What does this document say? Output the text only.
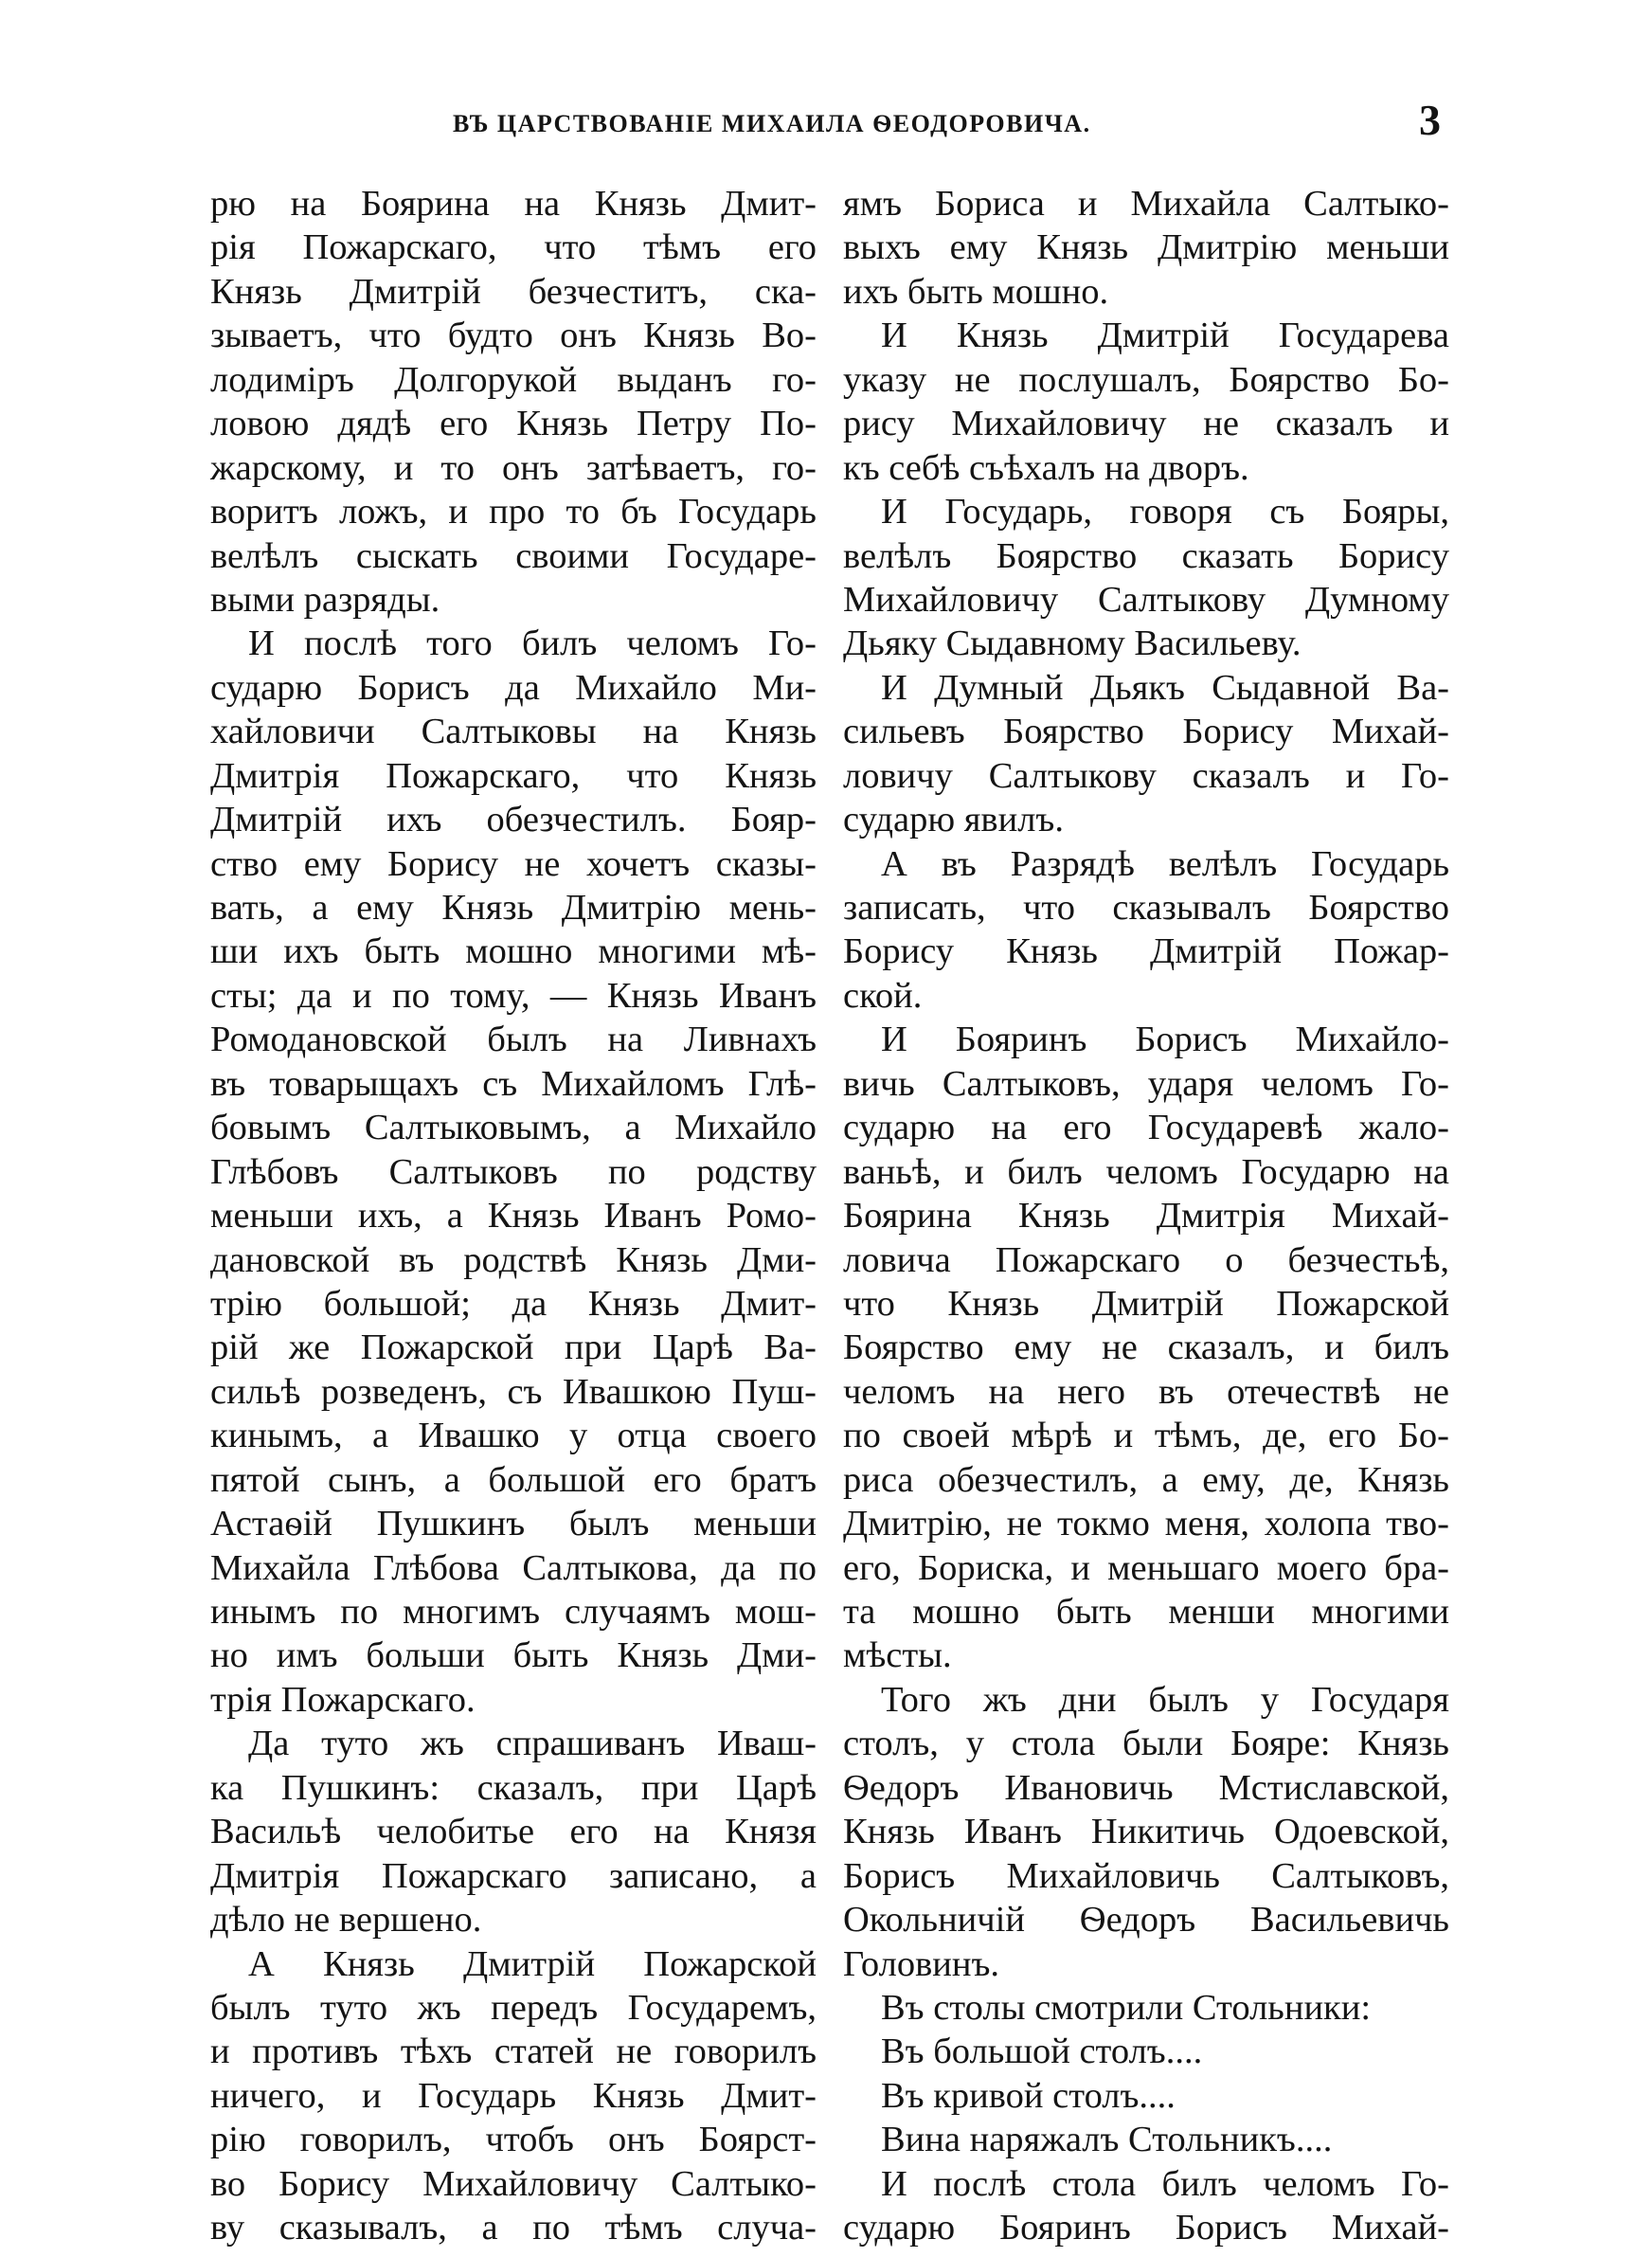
ВЪ ЦАРСТВОВАНІЕ МИХАИЛА ѲЕОДОРОВИЧА.	3
рю на Боярина на Князь Дмит-
рія Пожарскаго, что тѣмъ его
Князь Дмитрій безчеститъ, ска-
зываетъ, что будто онъ Князь Во-
лодиміръ Долгорукой выданъ го-
ловою дядѣ его Князь Петру По-
жарскому, и то онъ затѣваетъ, го-
воритъ ложъ, и про то бъ Государь
велѣлъ сыскать своими Государе-
выми разряды.
И послѣ того билъ челомъ Го-
сударю Борисъ да Михайло Ми-
хайловичи Салтыковы на Князь
Дмитрія Пожарскаго, что Князь
Дмитрій ихъ обезчестилъ. Бояр-
ство ему Борису не хочетъ сказы-
вать, а ему Князь Дмитрію мень-
ши ихъ быть мошно многими мѣ-
сты; да и по тому, — Князь Иванъ
Ромодановской былъ на Ливнахъ
въ товарыщахъ съ Михайломъ Глѣ-
бовымъ Салтыковымъ, а Михайло
Глѣбовъ Салтыковъ по родству
меньши ихъ, а Князь Иванъ Ромо-
дановской въ родствѣ Князь Дми-
трію большой; да Князь Дмит-
рій же Пожарской при Царѣ Ва-
сильѣ розведенъ, съ Ивашкою Пуш-
кинымъ, а Ивашко у отца своего
пятой сынъ, а большой его братъ
Астаѳій Пушкинъ былъ меньши
Михайла Глѣбова Салтыкова, да по
инымъ по многимъ случаямъ мош-
но имъ больши быть Князь Дми-
трія Пожарскаго.
Да туто жъ спрашиванъ Иваш-
ка Пушкинъ: сказалъ, при Царѣ
Васильѣ челобитье его на Князя
Дмитрія Пожарскаго записано, а
дѣло не вершено.
А Князь Дмитрій Пожарской
былъ туто жъ передъ Государемъ,
и противъ тѣхъ статей не говорилъ
ничего, и Государь Князь Дмит-
рію говорилъ, чтобъ онъ Боярст-
во Борису Михайловичу Салтыко-
ву сказывалъ, а по тѣмъ случа-
ямъ Бориса и Михайла Салтыко-
выхъ ему Князь Дмитрію меньши
ихъ быть мошно.
И Князь Дмитрій Государева
указу не послушалъ, Боярство Бо-
рису Михайловичу не сказалъ и
къ себѣ съѣхалъ на дворъ.
И Государь, говоря съ Бояры,
велѣлъ Боярство сказать Борису
Михайловичу Салтыкову Думному
Дьяку Сыдавному Васильеву.
И Думный Дьякъ Сыдавной Ва-
сильевъ Боярство Борису Михай-
ловичу Салтыкову сказалъ и Го-
сударю явилъ.
А въ Разрядѣ велѣлъ Государь
записать, что сказывалъ Боярство
Борису Князь Дмитрій Пожар-
ской.
И Бояринъ Борисъ Михайло-
вичь Салтыковъ, ударя челомъ Го-
сударю на его Государевѣ жало-
ваньѣ, и билъ челомъ Государю на
Боярина Князь Дмитрія Михай-
ловича Пожарскаго о безчестьѣ,
что Князь Дмитрій Пожарской
Боярство ему не сказалъ, и билъ
челомъ на него въ отечествѣ не
по своей мѣрѣ и тѣмъ, де, его Бо-
риса обезчестилъ, а ему, де, Князь
Дмитрію, не токмо меня, холопа тво-
его, Бориска, и меньшаго моего бра-
та мошно быть менши многими
мѣсты.
Того жъ дни былъ у Государя
столъ, у стола были Бояре: Князь
Ѳедоръ Ивановичь Мстиславской,
Князь Иванъ Никитичь Одоевской,
Борисъ Михайловичь Салтыковъ,
Окольничій Ѳедоръ Васильевичь
Головинъ.
Въ столы смотрили Стольники:
Въ большой столъ....
Въ кривой столъ....
Вина наряжалъ Стольникъ....
И послѣ стола билъ челомъ Го-
сударю Бояринъ Борисъ Михай-
